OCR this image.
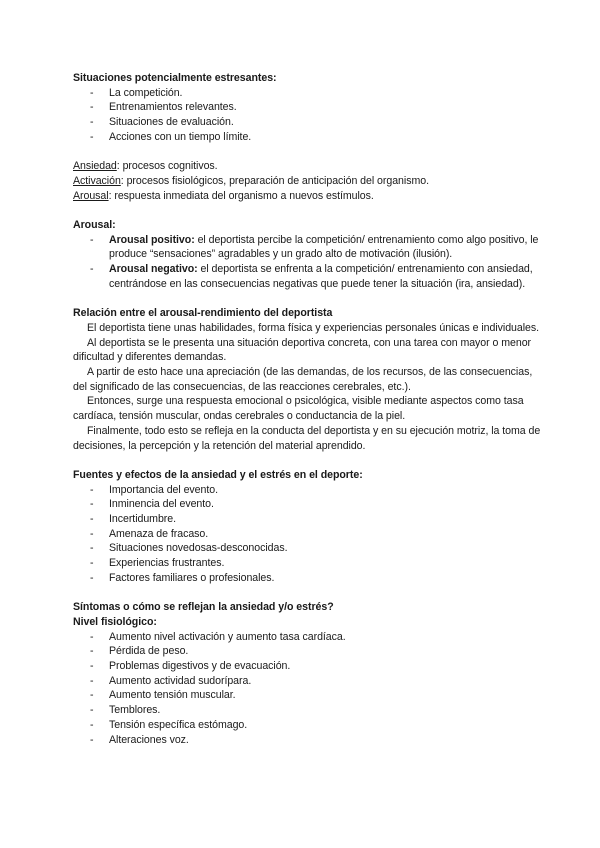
Situaciones potencialmente estresantes:

- La competición.
- Entrenamientos relevantes.
- Situaciones de evaluación.
- Acciones con un tiempo límite.

Ansiedad: procesos cognitivos.

Activación: procesos fisiológicos, preparación de anticipación del organismo.

Arousal: respuesta inmediata del organismo a nuevos estímulos.

Arousal:

- Arousal positivo: el deportista percibe la competición/ entrenamiento como algo positivo, le produce “sensaciones” agradables y un grado alto de motivación (ilusión).
- Arousal negativo: el deportista se enfrenta a la competición/ entrenamiento con ansiedad, centrándose en las consecuencias negativas que puede tener la situación (ira, ansiedad).

Relación entre el arousal-rendimiento del deportista

El deportista tiene unas habilidades, forma física y experiencias personales únicas e individuales.

Al deportista se le presenta una situación deportiva concreta, con una tarea con mayor o menor dificultad y diferentes demandas.

A partir de esto hace una apreciación (de las demandas, de los recursos, de las consecuencias, del significado de las consecuencias, de las reacciones cerebrales, etc.).

Entonces, surge una respuesta emocional o psicológica, visible mediante aspectos como tasa cardíaca, tensión muscular, ondas cerebrales o conductancia de la piel.

Finalmente, todo esto se refleja en la conducta del deportista y en su ejecución motriz, la toma de decisiones, la percepción y la retención del material aprendido.

Fuentes y efectos de la ansiedad y el estrés en el deporte:

- Importancia del evento.
- Inminencia del evento.
- Incertidumbre.
- Amenaza de fracaso.
- Situaciones novedosas-desconocidas.
- Experiencias frustrantes.
- Factores familiares o profesionales.

Síntomas o cómo se reflejan la ansiedad y/o estrés?

Nivel fisiológico:

- Aumento nivel activación y aumento tasa cardíaca.
- Pérdida de peso.
- Problemas digestivos y de evacuación.
- Aumento actividad sudorípara.
- Aumento tensión muscular.
- Temblores.
- Tensión específica estómago.
- Alteraciones voz.
